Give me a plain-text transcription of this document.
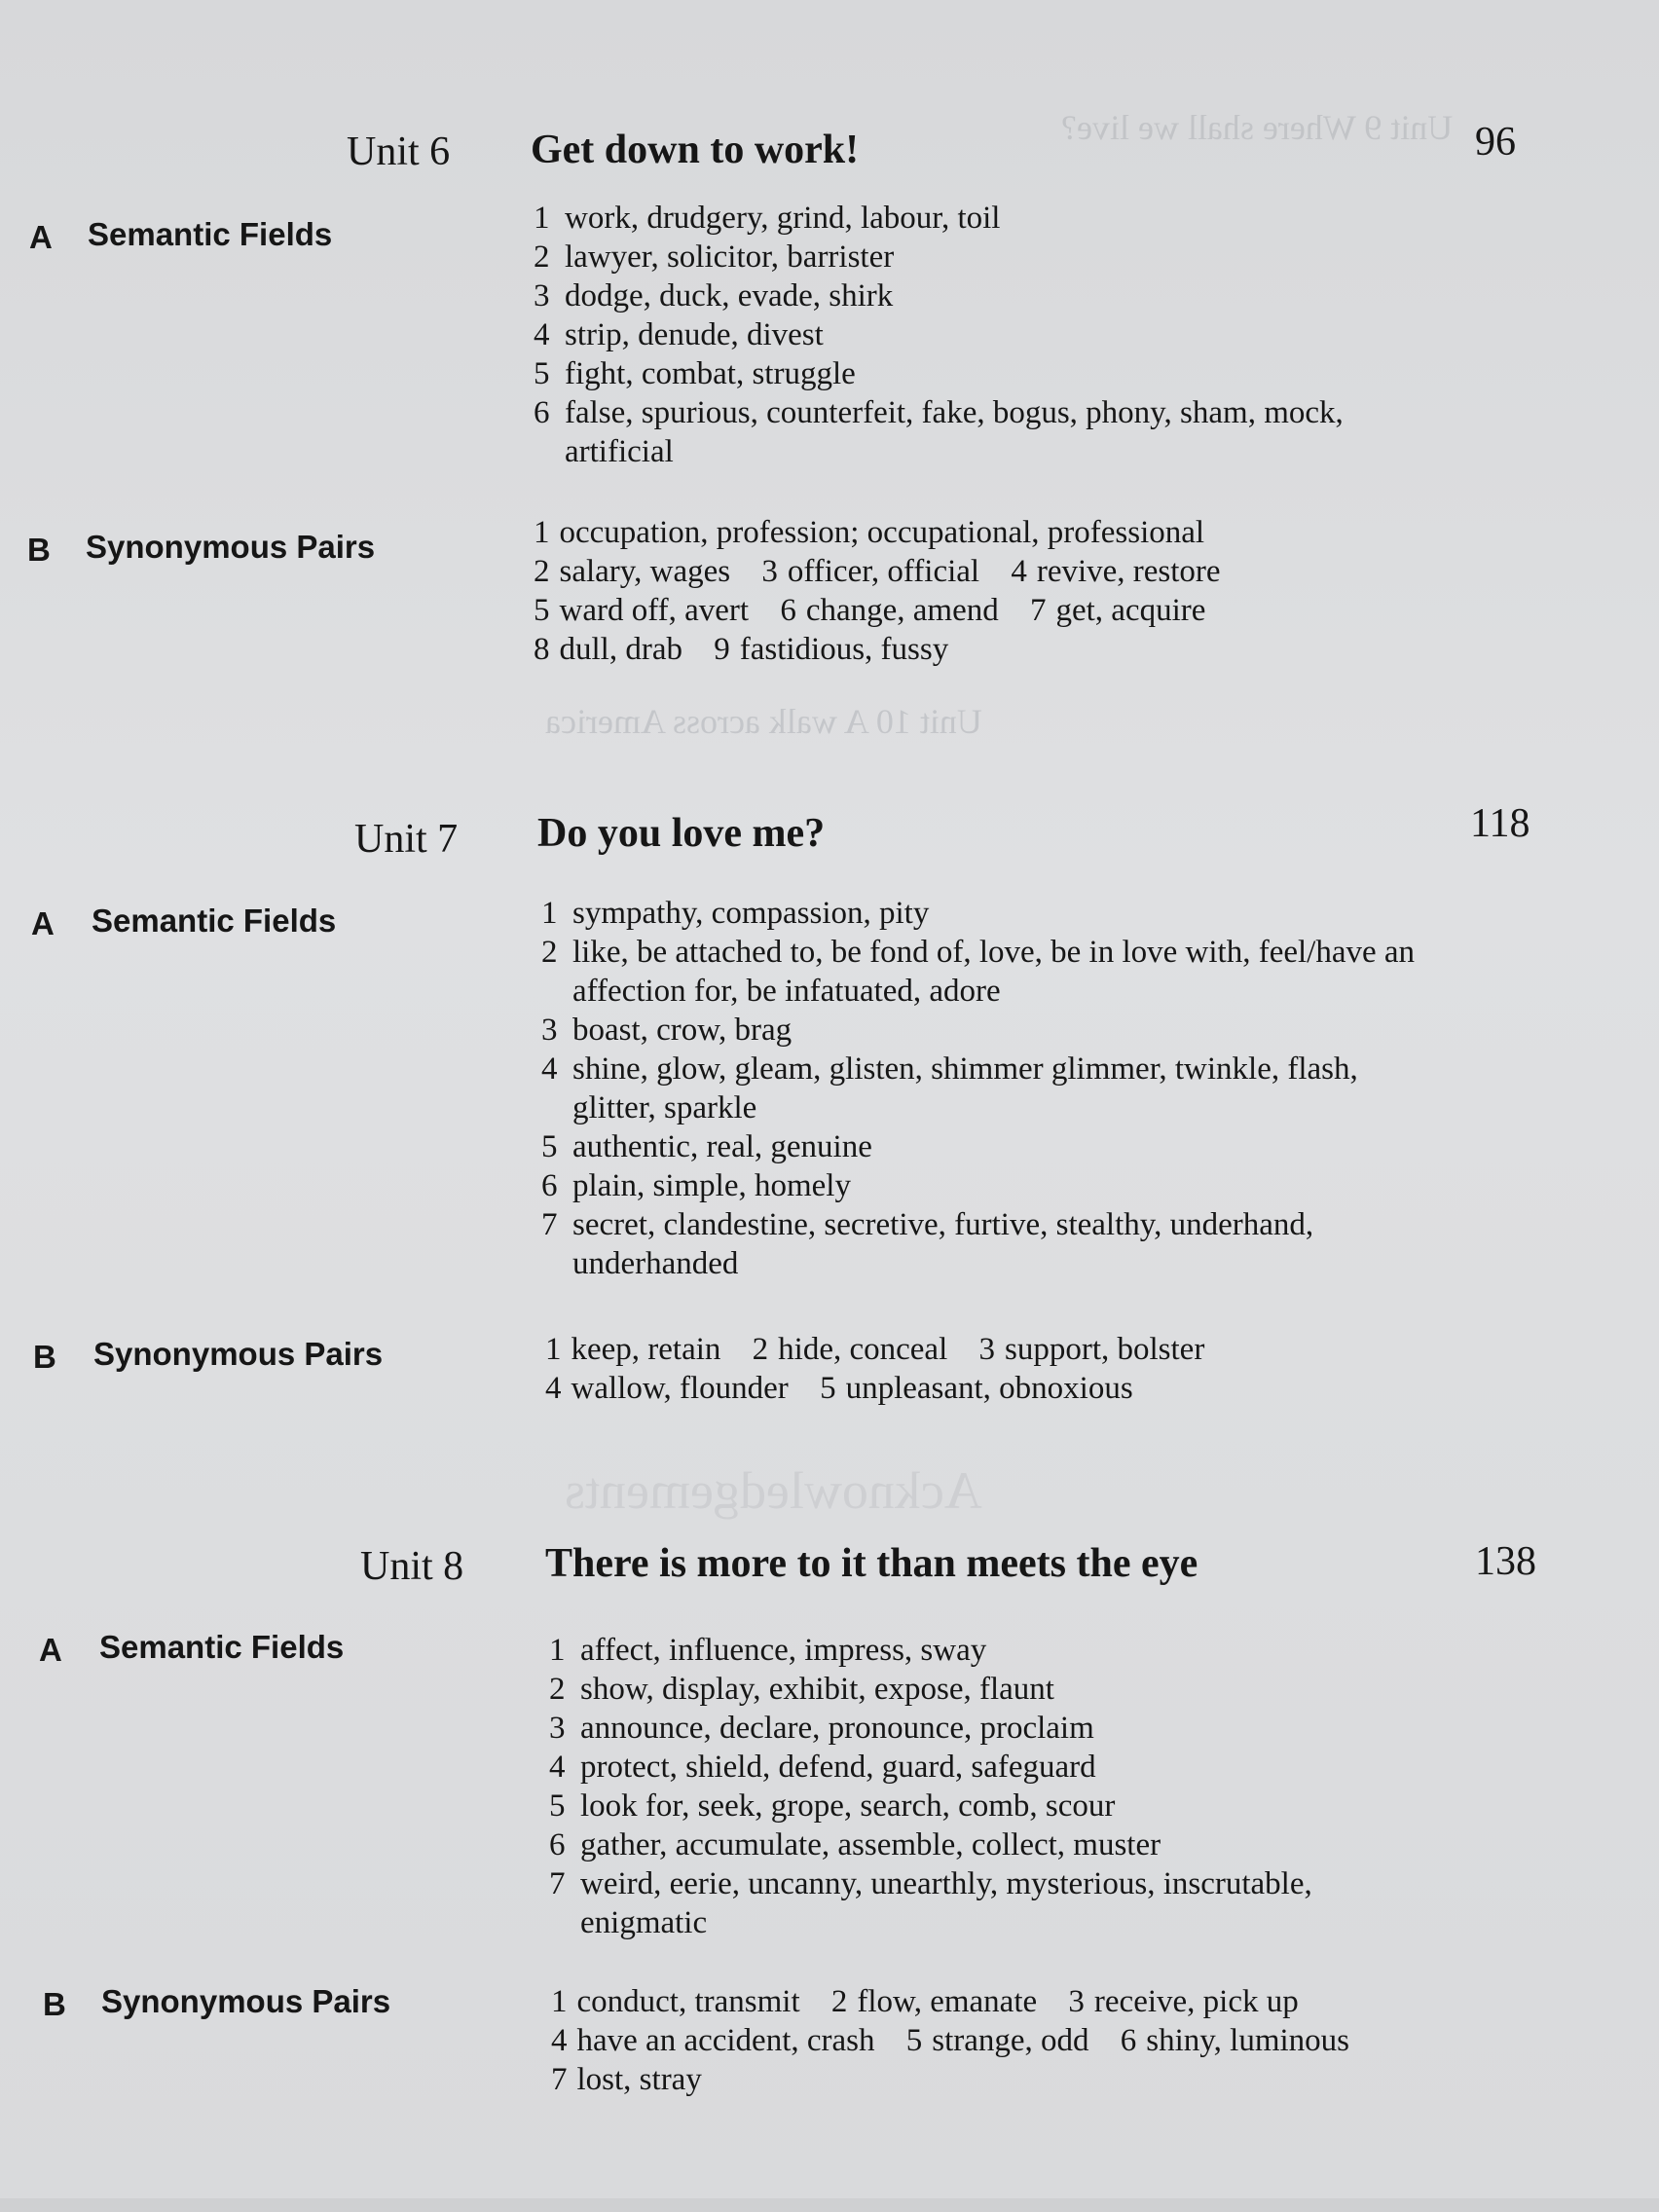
Unit 9 Where shall we live?
Unit 10 A walk across America
Acknowledgements
Unit 6 Get down to work!	96
A Semantic Fields	1 work, drudgery, grind, labour, toil
2 lawyer, solicitor, barrister
3 dodge, duck, evade, shirk
4 strip, denude, divest
5 fight, combat, struggle
6 false, spurious, counterfeit, fake, bogus, phony, sham, mock, artificial
B Synonymous Pairs	1 occupation, profession; occupational, professional
2 salary, wages 3 officer, official 4 revive, restore
5 ward off, avert 6 change, amend 7 get, acquire
8 dull, drab 9 fastidious, fussy
Unit 7 Do you love me?	118
A Semantic Fields	1 sympathy, compassion, pity
2 like, be attached to, be fond of, love, be in love with, feel/have an affection for, be infatuated, adore
3 boast, crow, brag
4 shine, glow, gleam, glisten, shimmer glimmer, twinkle, flash, glitter, sparkle
5 authentic, real, genuine
6 plain, simple, homely
7 secret, clandestine, secretive, furtive, stealthy, underhand, underhanded
B Synonymous Pairs	1 keep, retain 2 hide, conceal 3 support, bolster
4 wallow, flounder 5 unpleasant, obnoxious
Unit 8 There is more to it than meets the eye	138
A Semantic Fields	1 affect, influence, impress, sway
2 show, display, exhibit, expose, flaunt
3 announce, declare, pronounce, proclaim
4 protect, shield, defend, guard, safeguard
5 look for, seek, grope, search, comb, scour
6 gather, accumulate, assemble, collect, muster
7 weird, eerie, uncanny, unearthly, mysterious, inscrutable, enigmatic
B Synonymous Pairs	1 conduct, transmit 2 flow, emanate 3 receive, pick up
4 have an accident, crash 5 strange, odd 6 shiny, luminous
7 lost, stray
